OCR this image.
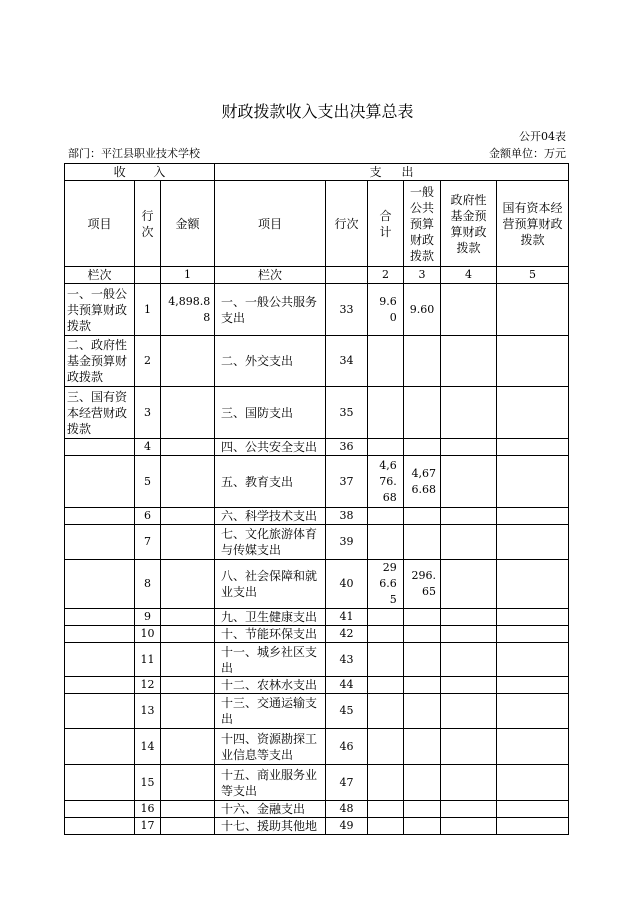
财政拨款收入支出决算总表
公开04表
部门：平江县职业技术学校	金额单位：万元
收 入			支 出					
项目	行次	金额	项目	行次	合计	一般公共预算财政拨款	政府性基金预算财政拨款	国有资本经营预算财政拨款
栏次		1	栏次		2	3	4	5
一、一般公共预算财政拨款	1	4,898.88	一、一般公共服务支出	33	9.60	9.60		
二、政府性基金预算财政拨款	2		二、外交支出	34				
三、国有资本经营财政拨款	3		三、国防支出	35				
	4		四、公共安全支出	36				
	5		五、教育支出	37	4,676.68	4,676.68		
	6		六、科学技术支出	38				
	7		七、文化旅游体育与传媒支出	39				
	8		八、社会保障和就业支出	40	296.65	296.65		
	9		九、卫生健康支出	41				
	10		十、节能环保支出	42				
	11		十一、城乡社区支出	43				
	12		十二、农林水支出	44				
	13		十三、交通运输支出	45				
	14		十四、资源勘探工业信息等支出	46				
	15		十五、商业服务业等支出	47				
	16		十六、金融支出	48				
	17		十七、援助其他地	49				
